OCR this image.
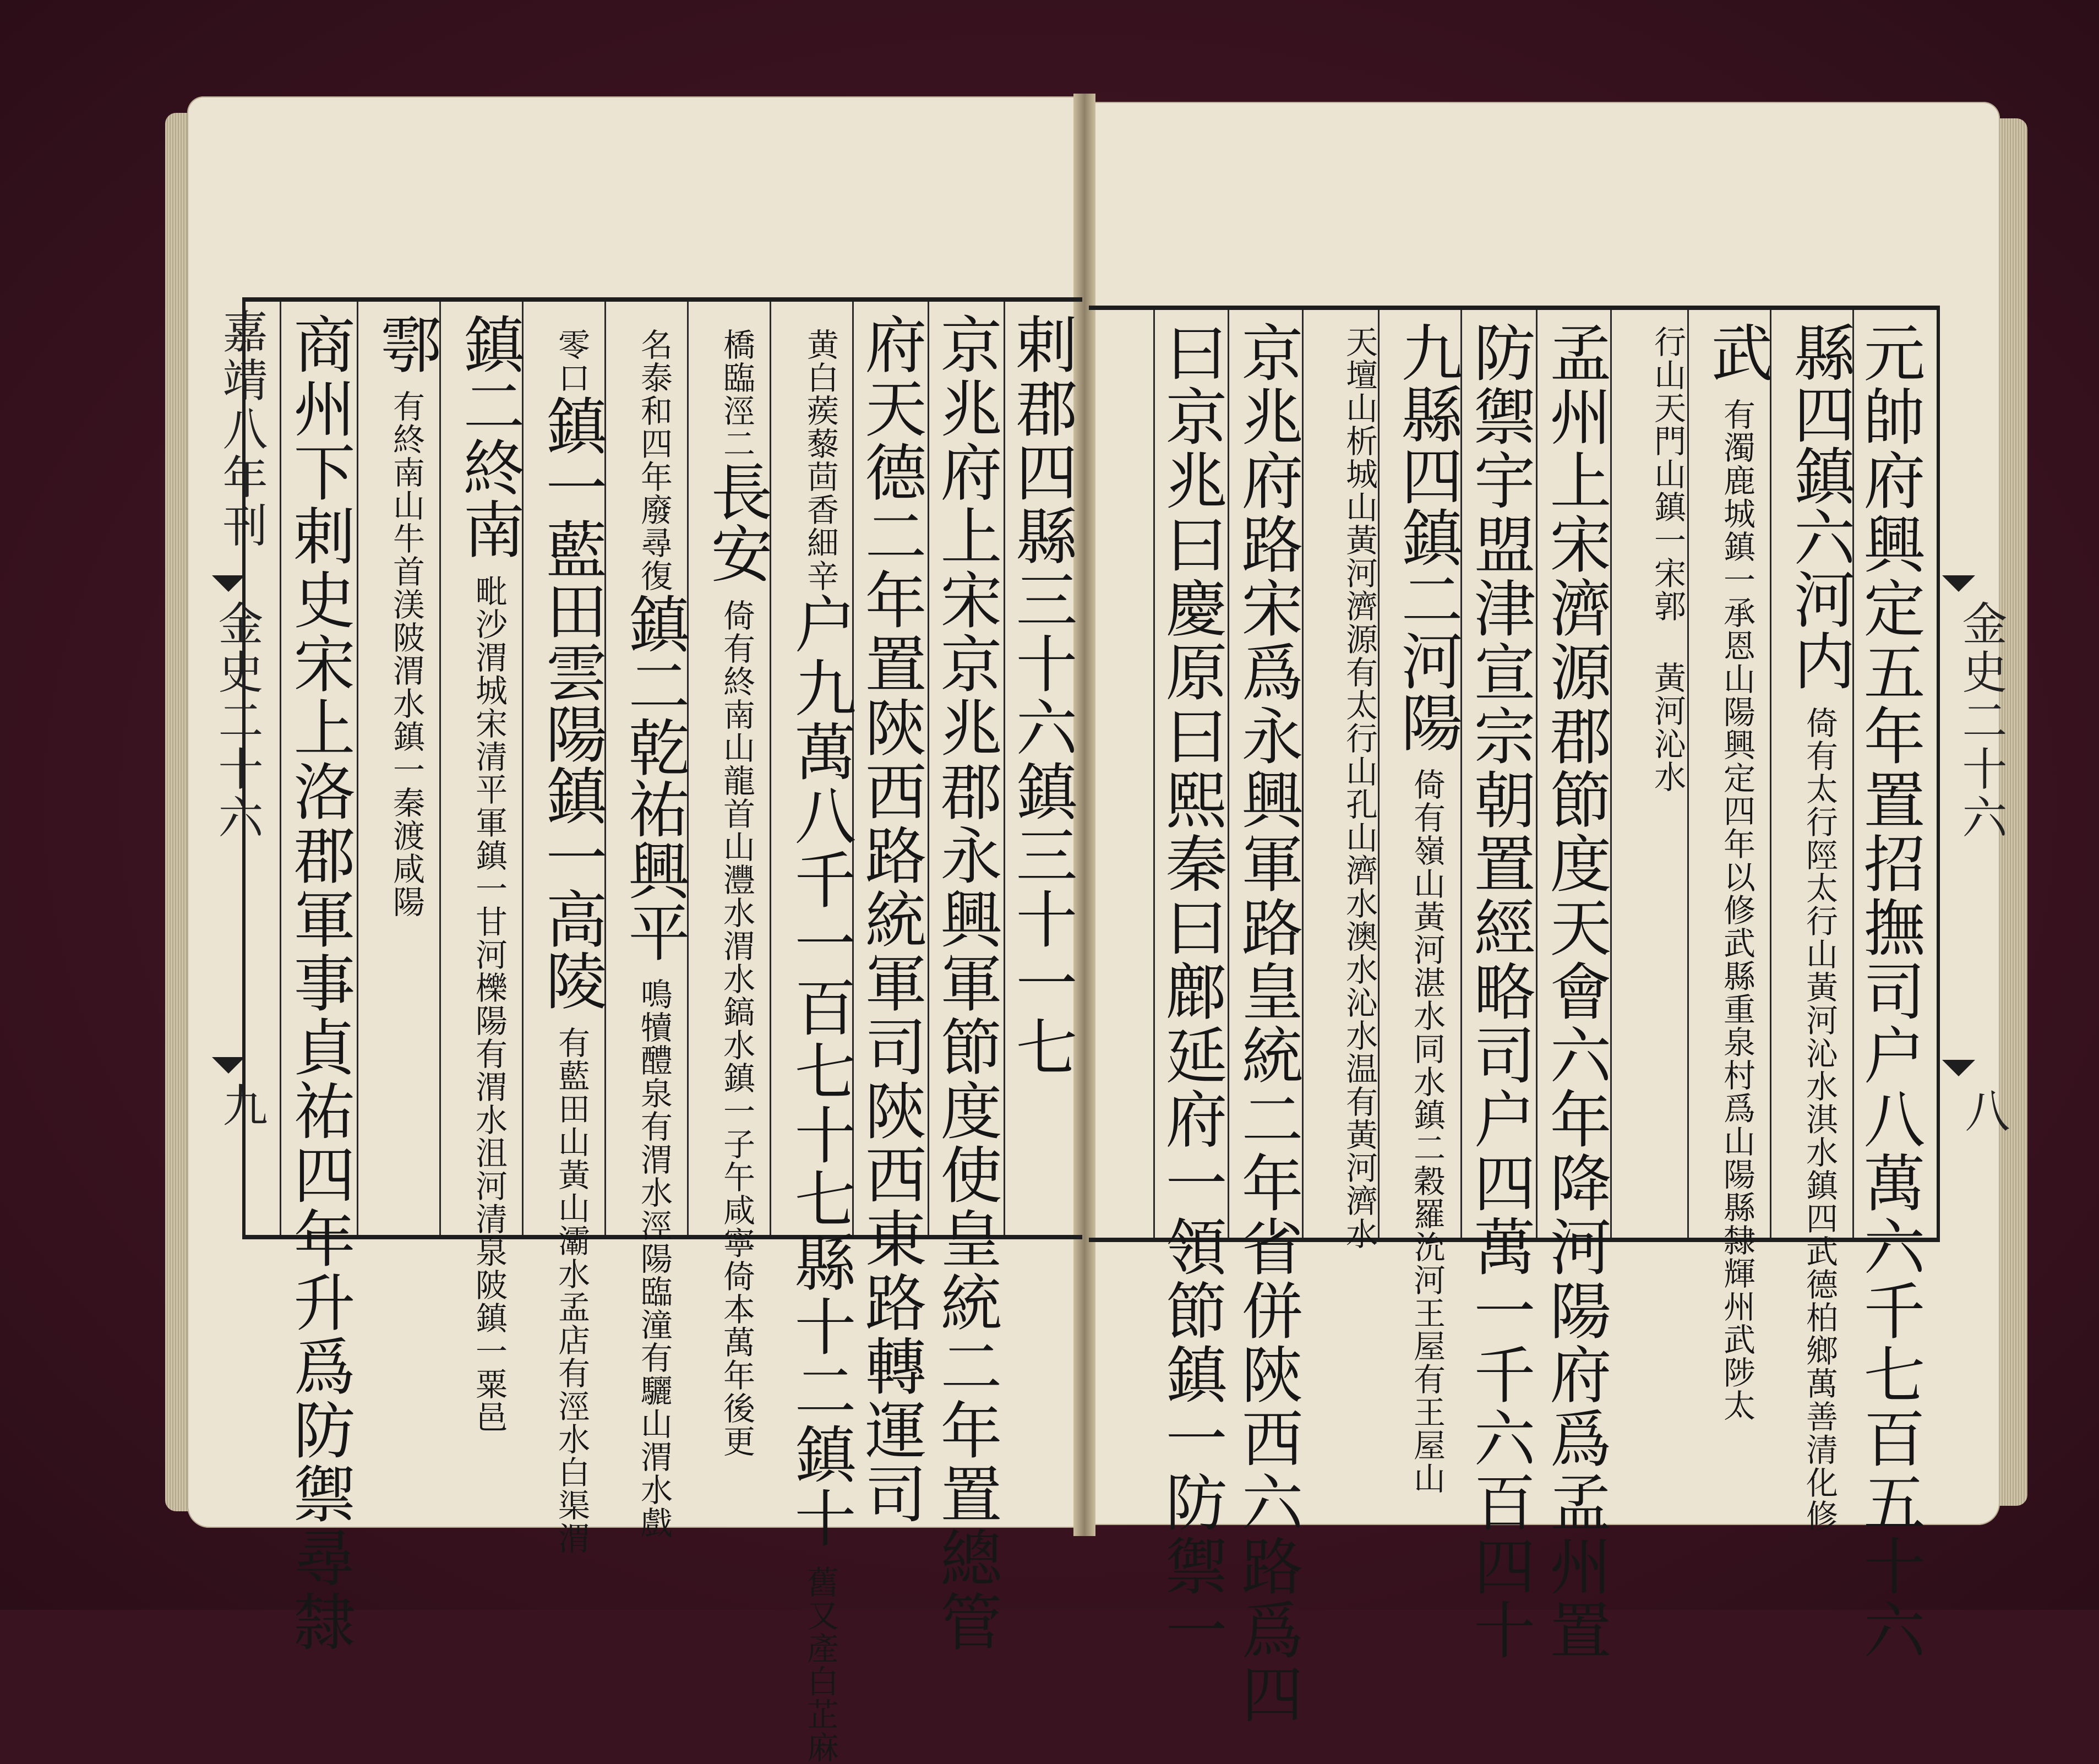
嘉靖八年刊
金史二十六
九
剌郡四縣三十六鎮三十一七
京兆府上宋京兆郡永興軍節度使皇統二年置總管
府天德二年置陝西路統軍司陝西東路轉運司
黄白蒺藜茴香細辛户九萬八千一百七十七縣十二鎮十舊又產白芷麻
橋臨涇二長安倚有終南山龍首山灃水渭水鎬水鎮一子午咸寧倚本萬年後更
名泰和四年廢尋復鎮二乾祐興平鳴犢醴泉有渭水涇陽臨潼有驪山渭水戲
零口鎮一藍田雲陽鎮一高陵有藍田山黃山灞水孟店有涇水白渠渭
鎮二終南毗沙渭城宋清平軍鎮一甘河櫟陽有渭水沮河清泉陂鎮一粟邑
鄠有終南山牛首渼陂渭水鎮一秦渡咸陽
商州下剌史宋上洛郡軍事貞祐四年升爲防禦尋隸	元帥府興定五年置招撫司户八萬六千七百五十六
縣四鎮六河内倚有太行陘太行山黃河沁水淇水鎮四武德柏鄉萬善清化修
武有濁鹿城鎮一承恩山陽興定四年以修武縣重泉村爲山陽縣隸輝州武陟太
行山天門山鎮一宋郭 黃河沁水
孟州上宋濟源郡節度天會六年降河陽府爲孟州置
防禦宇盟津宣宗朝置經略司户四萬一千六百四十
九縣四鎮二河陽倚有嶺山黃河湛水同水鎮二穀羅沇河王屋有王屋山
天壇山析城山黃河濟源有太行山孔山濟水澳水沁水温有黃河濟水
京兆府路宋爲永興軍路皇統二年省併陝西六路爲四
曰京兆曰慶原曰熙秦曰鄜延府一領節鎮一防禦一	金史二十六
八
